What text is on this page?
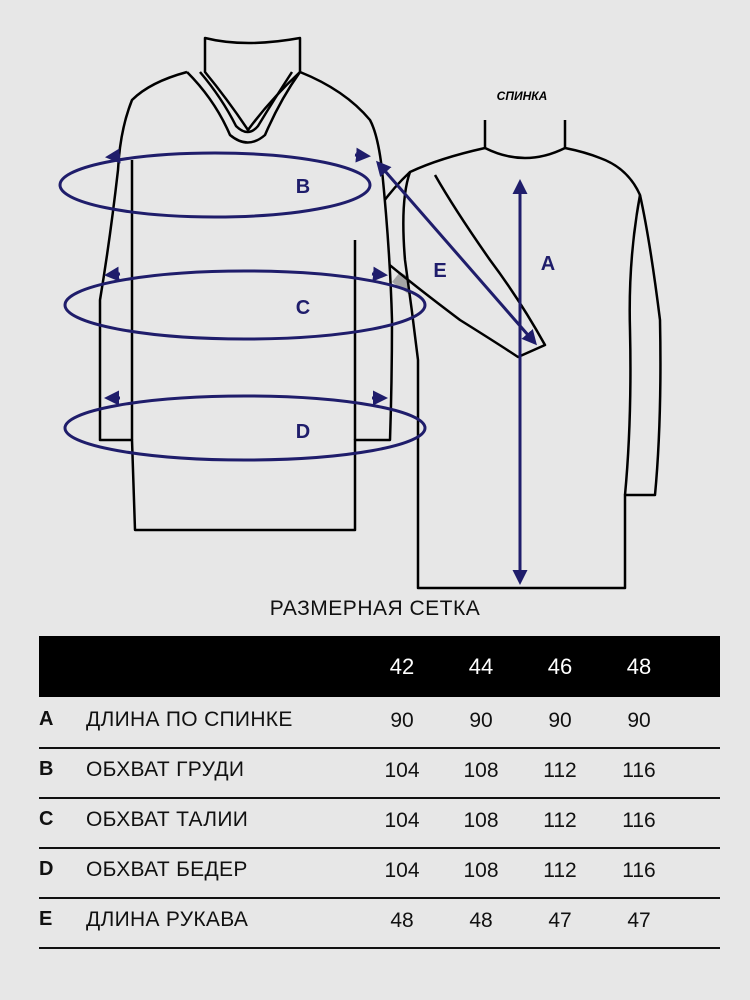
СПИНКА
B
C
D
E	A
РАЗМЕРНАЯ СЕТКА
42	44	46	48
A ДЛИНА ПО СПИНКЕ	90	90	90	90
B ОБХВАТ ГРУДИ	104	108	112	116
C ОБХВАТ ТАЛИИ	104	108	112	116
D ОБХВАТ БЕДЕР	104	108	112	116
E ДЛИНА РУКАВА	48	48	47	47
